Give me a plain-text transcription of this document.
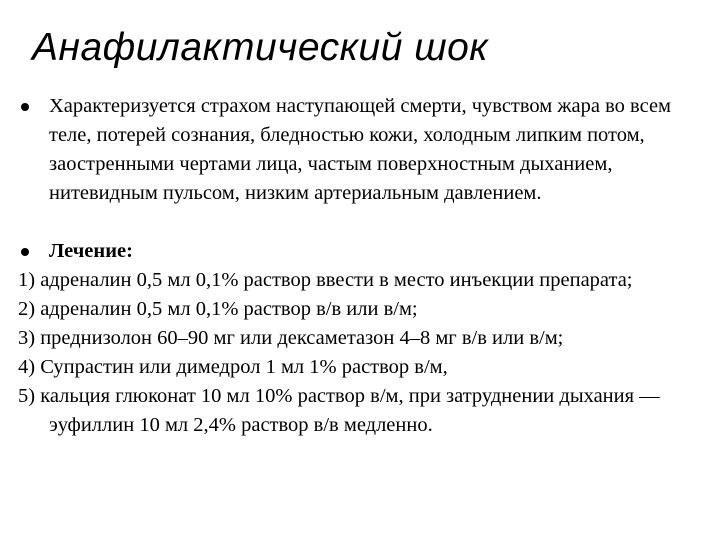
Анафилактический шок
Характеризуется страхом наступающей смерти, чувством жара во всем теле, потерей сознания, бледностью кожи, холодным липким потом, заостренными чертами лица, частым поверхностным дыханием, нитевидным пульсом, низким артериальным давлением.
Лечение:
1) адреналин 0,5 мл 0,1% раствор ввести в место инъекции препарата;
2) адреналин 0,5 мл 0,1% раствор в/в или в/м;
3) преднизолон 60–90 мг или дексаметазон 4–8 мг в/в или в/м;
4) Супрастин или димедрол 1 мл 1% раствор в/м,
5) кальция глюконат 10 мл 10% раствор в/м, при затруднении дыхания — эуфиллин 10 мл 2,4% раствор в/в медленно.
